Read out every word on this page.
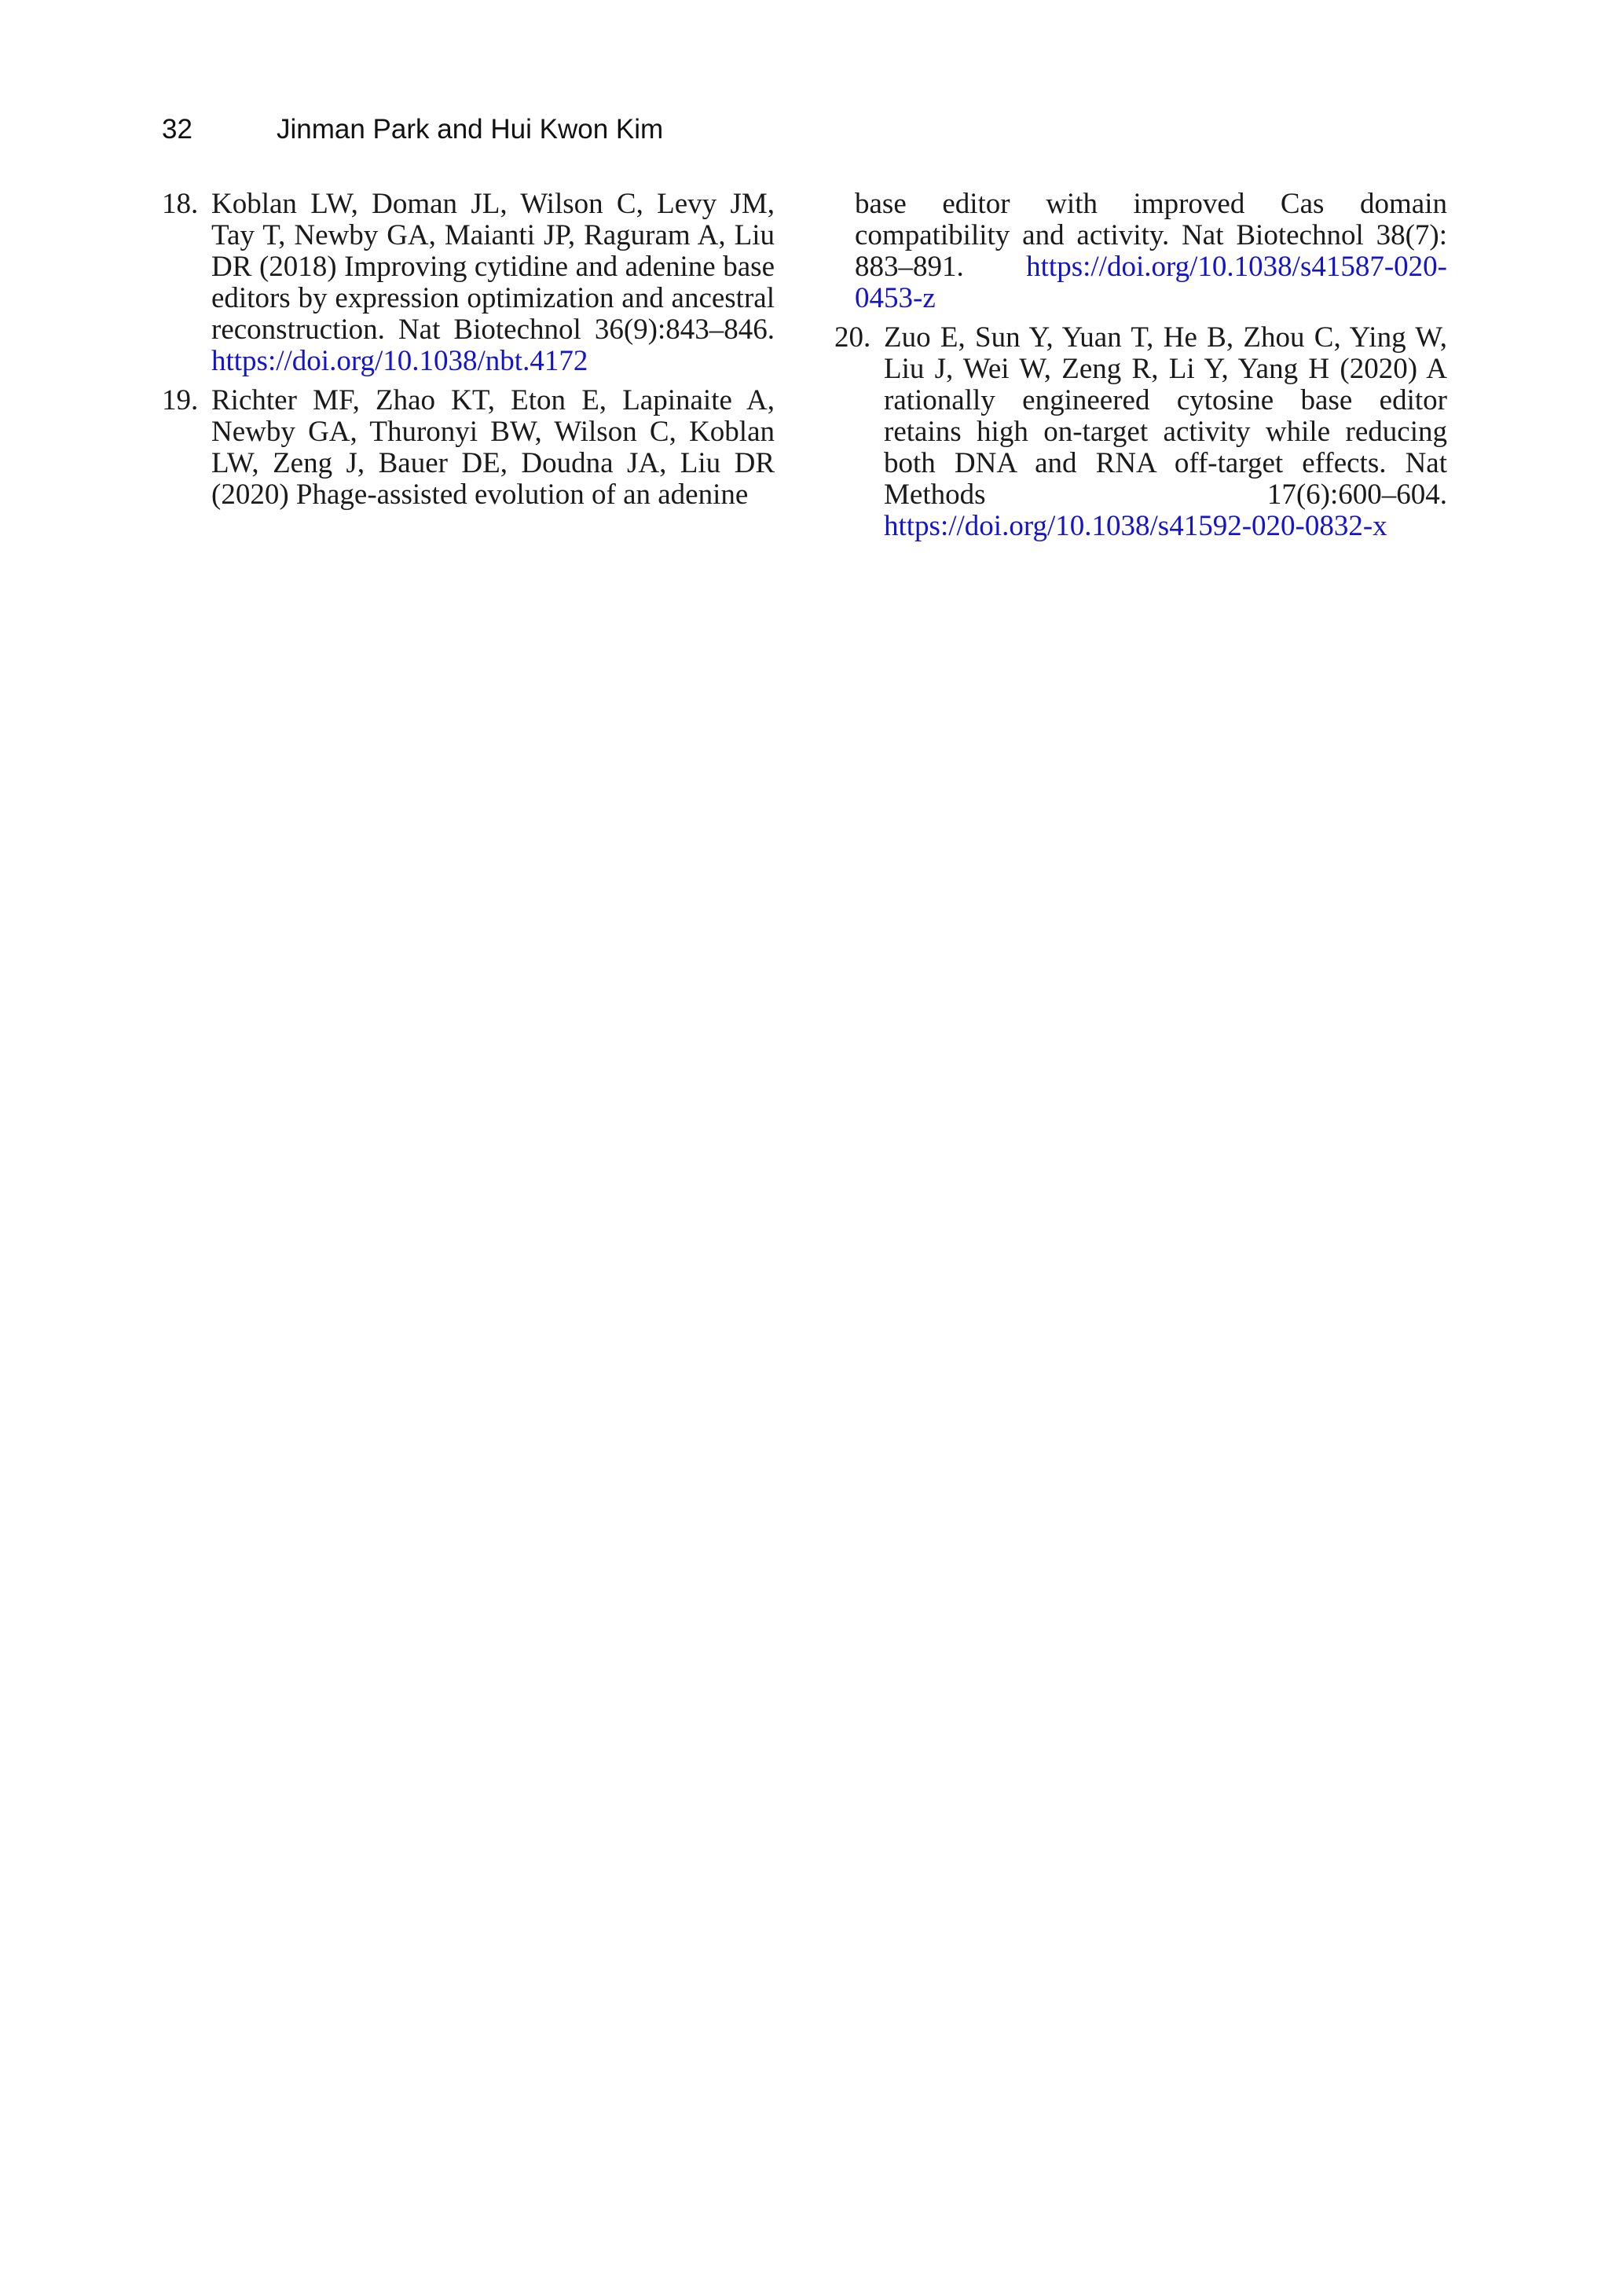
32	Jinman Park and Hui Kwon Kim
18. Koblan LW, Doman JL, Wilson C, Levy JM, Tay T, Newby GA, Maianti JP, Raguram A, Liu DR (2018) Improving cytidine and adenine base editors by expression optimization and ancestral reconstruction. Nat Biotechnol 36(9):843–846. https://doi.org/10.1038/nbt.4172
19. Richter MF, Zhao KT, Eton E, Lapinaite A, Newby GA, Thuronyi BW, Wilson C, Koblan LW, Zeng J, Bauer DE, Doudna JA, Liu DR (2020) Phage-assisted evolution of an adenine
base editor with improved Cas domain compatibility and activity. Nat Biotechnol 38(7): 883–891. https://doi.org/10.1038/s41587-020-0453-z
20. Zuo E, Sun Y, Yuan T, He B, Zhou C, Ying W, Liu J, Wei W, Zeng R, Li Y, Yang H (2020) A rationally engineered cytosine base editor retains high on-target activity while reducing both DNA and RNA off-target effects. Nat Methods 17(6):600–604. https://doi.org/10.1038/s41592-020-0832-x
